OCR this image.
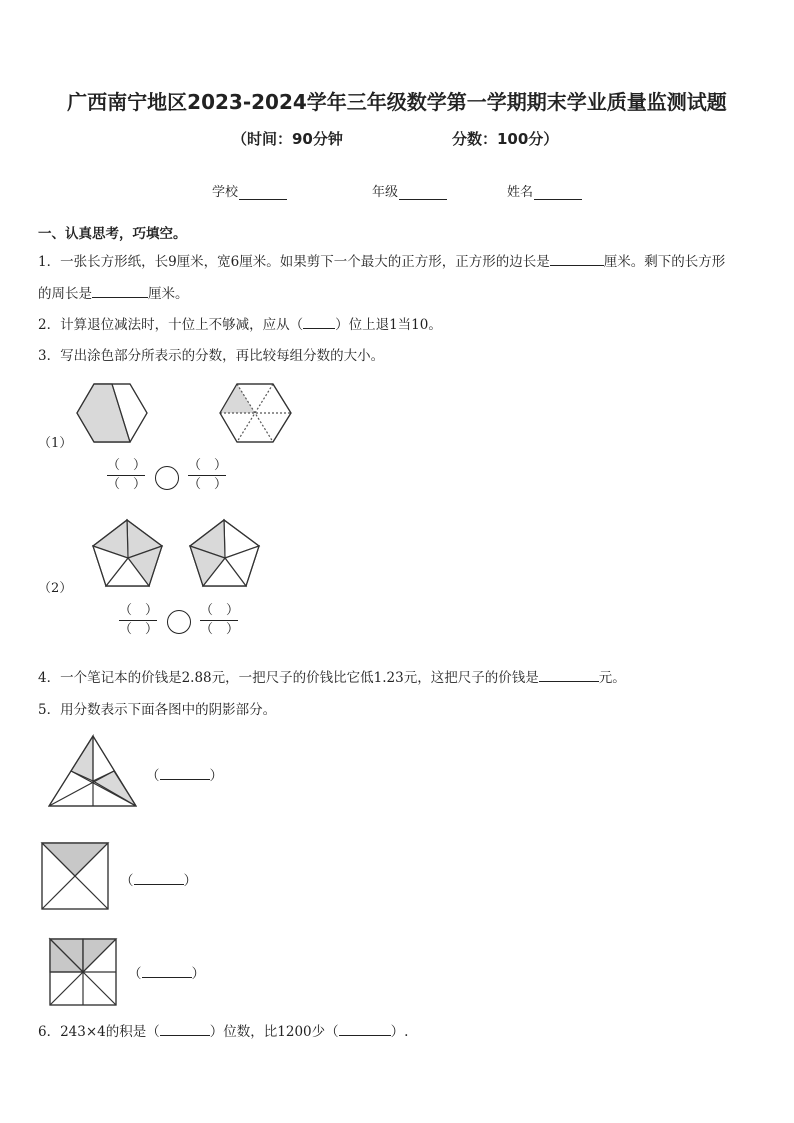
广西南宁地区2023-2024学年三年级数学第一学期期末学业质量监测试题
（时间：90分钟	分数：100分）
学校	年级	姓名
一、认真思考，巧填空。
1．一张长方形纸，长9厘米，宽6厘米。如果剪下一个最大的正方形，正方形的边长是	厘米。剩下的长方形
的周长是	厘米。
2．计算退位减法时，十位上不够减，应从（ ）位上退1当10。
3．写出涂色部分所表示的分数，再比较每组分数的大小。
（1）
（2）
（　）
（　）
（　）
（　）
（　）
（　）
（　）
（　）
4．一个笔记本的价钱是2.88元，一把尺子的价钱比它低1.23元，这把尺子的价钱是	元。
5．用分数表示下面各图中的阴影部分。
（	）
（	）
（	）
6．243×4的积是（	）位数，比1200少（	）.
